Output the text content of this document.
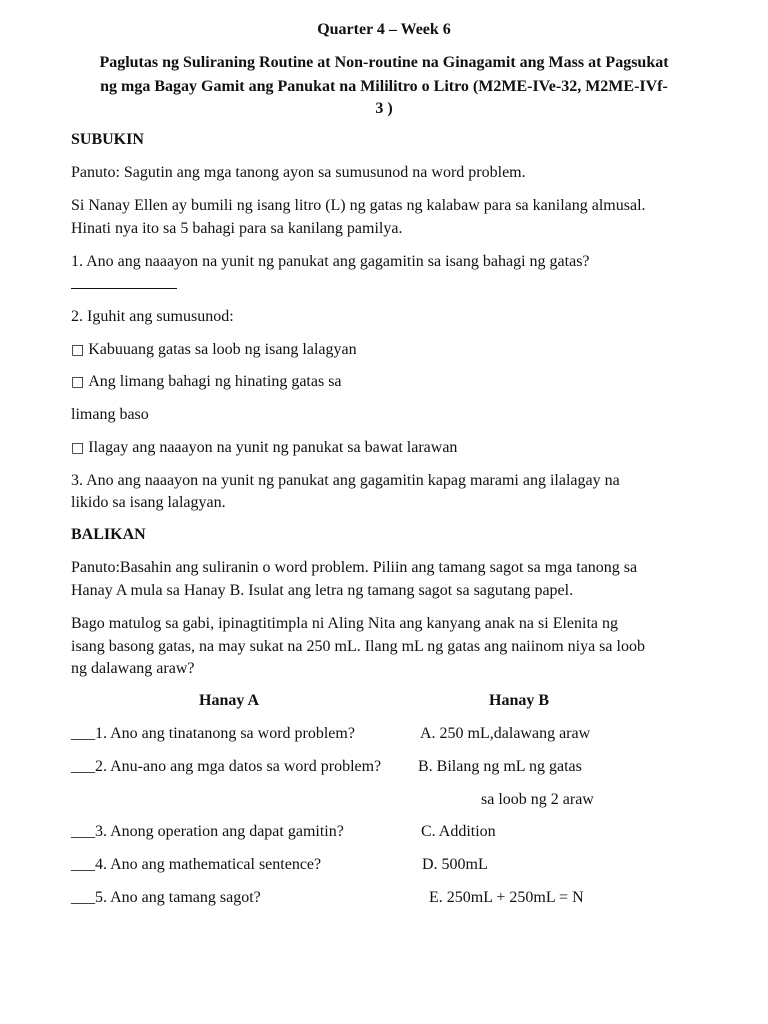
Quarter 4 – Week 6
Paglutas ng Suliraning Routine at Non-routine na Ginagamit ang Mass at Pagsukat
ng mga Bagay Gamit ang Panukat na Mililitro o Litro (M2ME-IVe-32, M2ME-IVf-
3 )
SUBUKIN
Panuto: Sagutin ang mga tanong ayon sa sumusunod na word problem.
Si Nanay Ellen ay bumili ng isang litro (L) ng gatas ng kalabaw para sa kanilang almusal.
Hinati nya ito sa 5 bahagi para sa kanilang pamilya.
1. Ano ang naaayon na yunit ng panukat ang gagamitin sa isang bahagi ng gatas?
2. Iguhit ang sumusunod:
□ Kabuuang gatas sa loob ng isang lalagyan
□ Ang limang bahagi ng hinating gatas sa
limang baso
□ Ilagay ang naaayon na yunit ng panukat sa bawat larawan
3. Ano ang naaayon na yunit ng panukat ang gagamitin kapag marami ang ilalagay na
likido sa isang lalagyan.
BALIKAN
Panuto:Basahin ang suliranin o word problem. Piliin ang tamang sagot sa mga tanong sa
Hanay A mula sa Hanay B. Isulat ang letra ng tamang sagot sa sagutang papel.
Bago matulog sa gabi, ipinagtitimpla ni Aling Nita ang kanyang anak na si Elenita ng
isang basong gatas, na may sukat na 250 mL. Ilang mL ng gatas ang naiinom niya sa loob
ng dalawang araw?
Hanay A	Hanay B
___1. Ano ang tinatanong sa word problem?	A. 250 mL,dalawang araw
___2. Anu-ano ang mga datos sa word problem? B. Bilang ng mL ng gatas
sa loob ng 2 araw
___3. Anong operation ang dapat gamitin?	C. Addition
___4. Ano ang mathematical sentence?	D. 500mL
___5. Ano ang tamang sagot?	E. 250mL + 250mL = N
